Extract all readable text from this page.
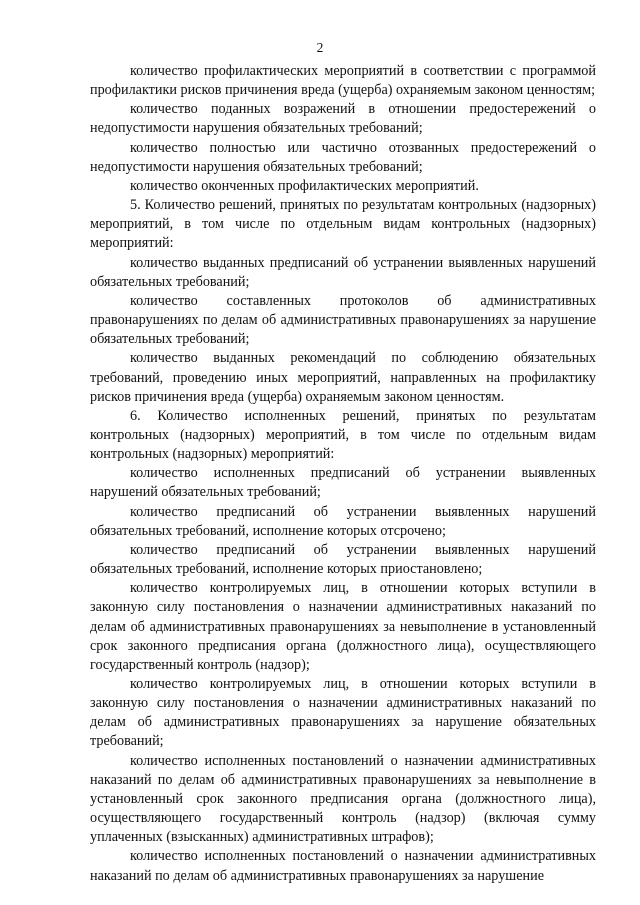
2

количество профилактических мероприятий в соответствии с программой профилактики рисков причинения вреда (ущерба) охраняемым законом ценностям;

количество поданных возражений в отношении предостережений о недопустимости нарушения обязательных требований;

количество полностью или частично отозванных предостережений о недопустимости нарушения обязательных требований;

количество оконченных профилактических мероприятий.

5. Количество решений, принятых по результатам контрольных (надзорных) мероприятий, в том числе по отдельным видам контрольных (надзорных) мероприятий:

количество выданных предписаний об устранении выявленных нарушений обязательных требований;

количество составленных протоколов об административных правонарушениях по делам об административных правонарушениях за нарушение обязательных требований;

количество выданных рекомендаций по соблюдению обязательных требований, проведению иных мероприятий, направленных на профилактику рисков причинения вреда (ущерба) охраняемым законом ценностям.

6. Количество исполненных решений, принятых по результатам контрольных (надзорных) мероприятий, в том числе по отдельным видам контрольных (надзорных) мероприятий:

количество исполненных предписаний об устранении выявленных нарушений обязательных требований;

количество предписаний об устранении выявленных нарушений обязательных требований, исполнение которых отсрочено;

количество предписаний об устранении выявленных нарушений обязательных требований, исполнение которых приостановлено;

количество контролируемых лиц, в отношении которых вступили в законную силу постановления о назначении административных наказаний по делам об административных правонарушениях за невыполнение в установленный срок законного предписания органа (должностного лица), осуществляющего государственный контроль (надзор);

количество контролируемых лиц, в отношении которых вступили в законную силу постановления о назначении административных наказаний по делам об административных правонарушениях за нарушение обязательных требований;

количество исполненных постановлений о назначении административных наказаний по делам об административных правонарушениях за невыполнение в установленный срок законного предписания органа (должностного лица), осуществляющего государственный контроль (надзор) (включая сумму уплаченных (взысканных) административных штрафов);

количество исполненных постановлений о назначении административных наказаний по делам об административных правонарушениях за нарушение
